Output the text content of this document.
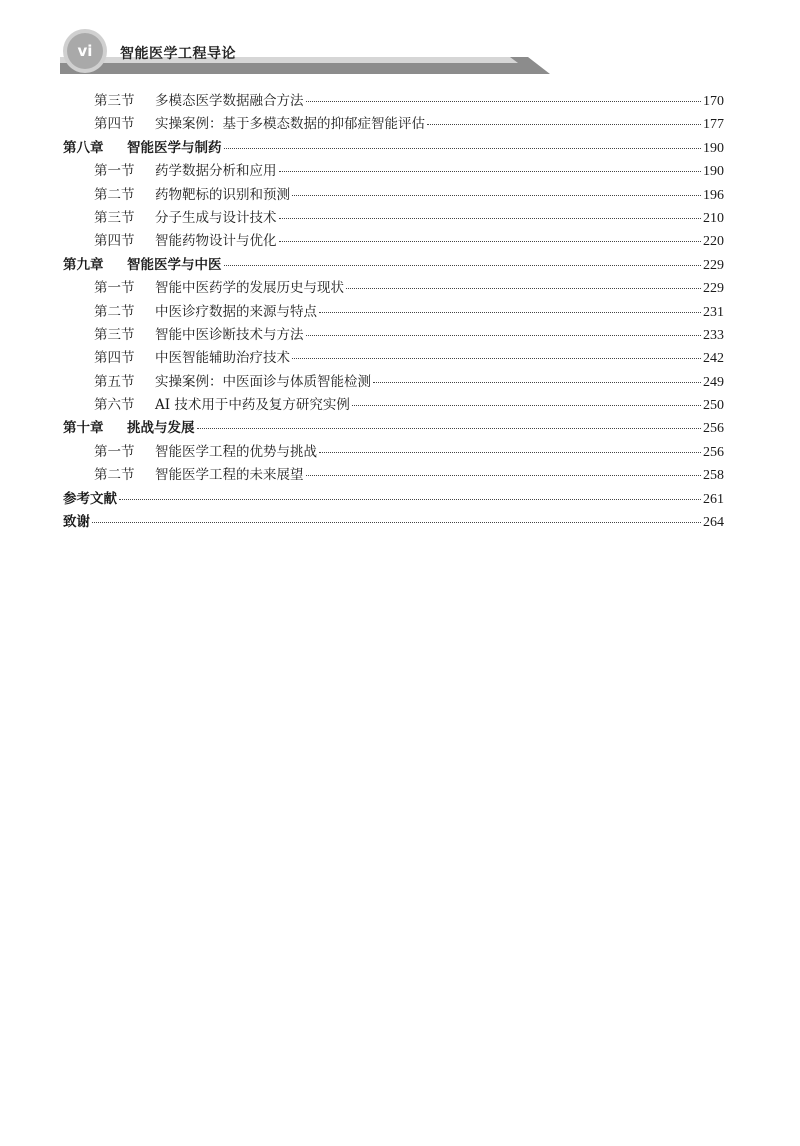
vi	智能医学工程导论
第三节	多模态医学数据融合方法	170
第四节	实操案例：基于多模态数据的抑郁症智能评估	177
第八章	智能医学与制药	190
第一节	药学数据分析和应用	190
第二节	药物靶标的识别和预测	196
第三节	分子生成与设计技术	210
第四节	智能药物设计与优化	220
第九章	智能医学与中医	229
第一节	智能中医药学的发展历史与现状	229
第二节	中医诊疗数据的来源与特点	231
第三节	智能中医诊断技术与方法	233
第四节	中医智能辅助治疗技术	242
第五节	实操案例：中医面诊与体质智能检测	249
第六节	AI 技术用于中药及复方研究实例	250
第十章	挑战与发展	256
第一节	智能医学工程的优势与挑战	256
第二节	智能医学工程的未来展望	258
参考文献	261
致谢	264
